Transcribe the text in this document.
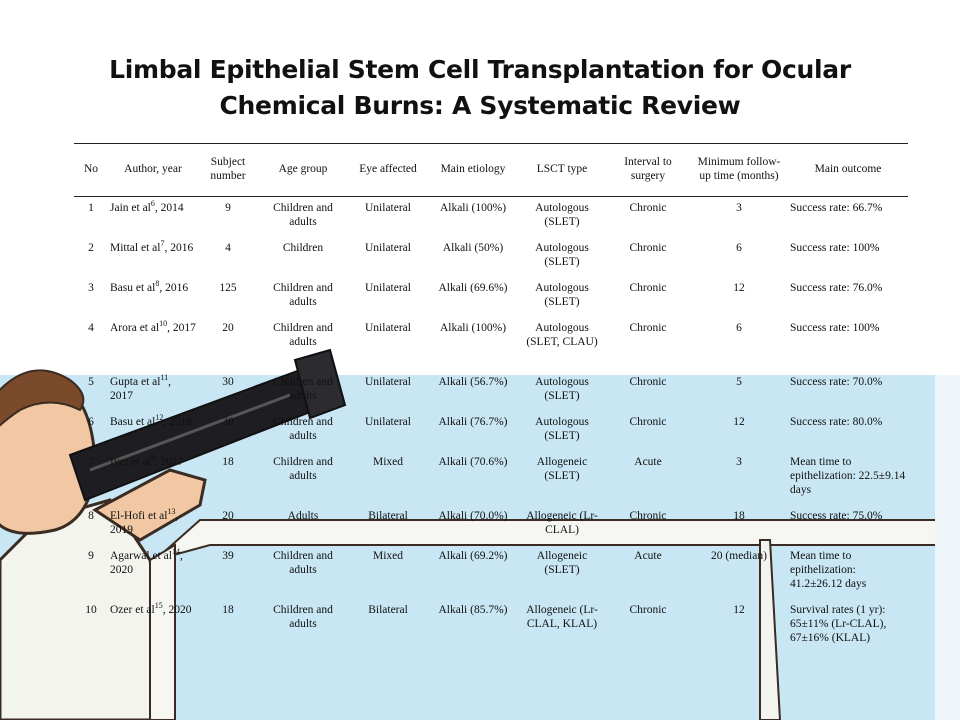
Limbal Epithelial Stem Cell Transplantation for Ocular Chemical Burns: A Systematic Review
No	Author, year	Subject number	Age group	Eye affected	Main etiology	LSCT type	Interval to surgery	Minimum follow-up time (months)	Main outcome
1	Jain et $al^6$, 2014	9	Children and adults	Unilateral	Alkali (100%)	Autologous (SLET)	Chronic	3	Success rate: 66.7%
2	Mittal et $al^7$, 2016	4	Children	Unilateral	Alkali (50%)	Autologous (SLET)	Chronic	6	Success rate: 100%
3	Basu et $al^8$, 2016	125	Children and adults	Unilateral	Alkali (69.6%)	Autologous (SLET)	Chronic	12	Success rate: 76.0%
4	Arora et $al^{10}$, 2017	20	Children and adults	Unilateral	Alkali (100%)	Autologous (SLET, CLAU)	Chronic	6	Success rate: 100%
5	Gupta et $al^{11}$, 2017	30	Children and adults	Unilateral	Alkali (56.7%)	Autologous (SLET)	Chronic	5	Success rate: 70.0%
6	Basu et $al^{12}$, 2018	30	Children and adults	Unilateral	Alkali (76.7%)	Autologous (SLET)	Chronic	12	Success rate: 80.0%
7	Iyer et $al^9$, 2017	18	Children and adults	Mixed	Alkali (70.6%)	Allogeneic (SLET)	Acute	3	Mean time to epithelization: 22.5±9.14 days
8	El-Hofi et $al^{13}$, 2019	20	Adults	Bilateral	Alkali (70.0%)	Allogeneic (Lr-CLAL)	Chronic	18	Success rate: 75.0%
9	Agarwal et $al^{14}$, 2020	39	Children and adults	Mixed	Alkali (69.2%)	Allogeneic (SLET)	Acute	20 (median)	Mean time to epithelization: 41.2±26.12 days
10	Ozer et $al^{15}$, 2020	18	Children and adults	Bilateral	Alkali (85.7%)	Allogeneic (Lr-CLAL, KLAL)	Chronic	12	Survival rates (1 yr): 65±11% (Lr-CLAL), 67±16% (KLAL)
